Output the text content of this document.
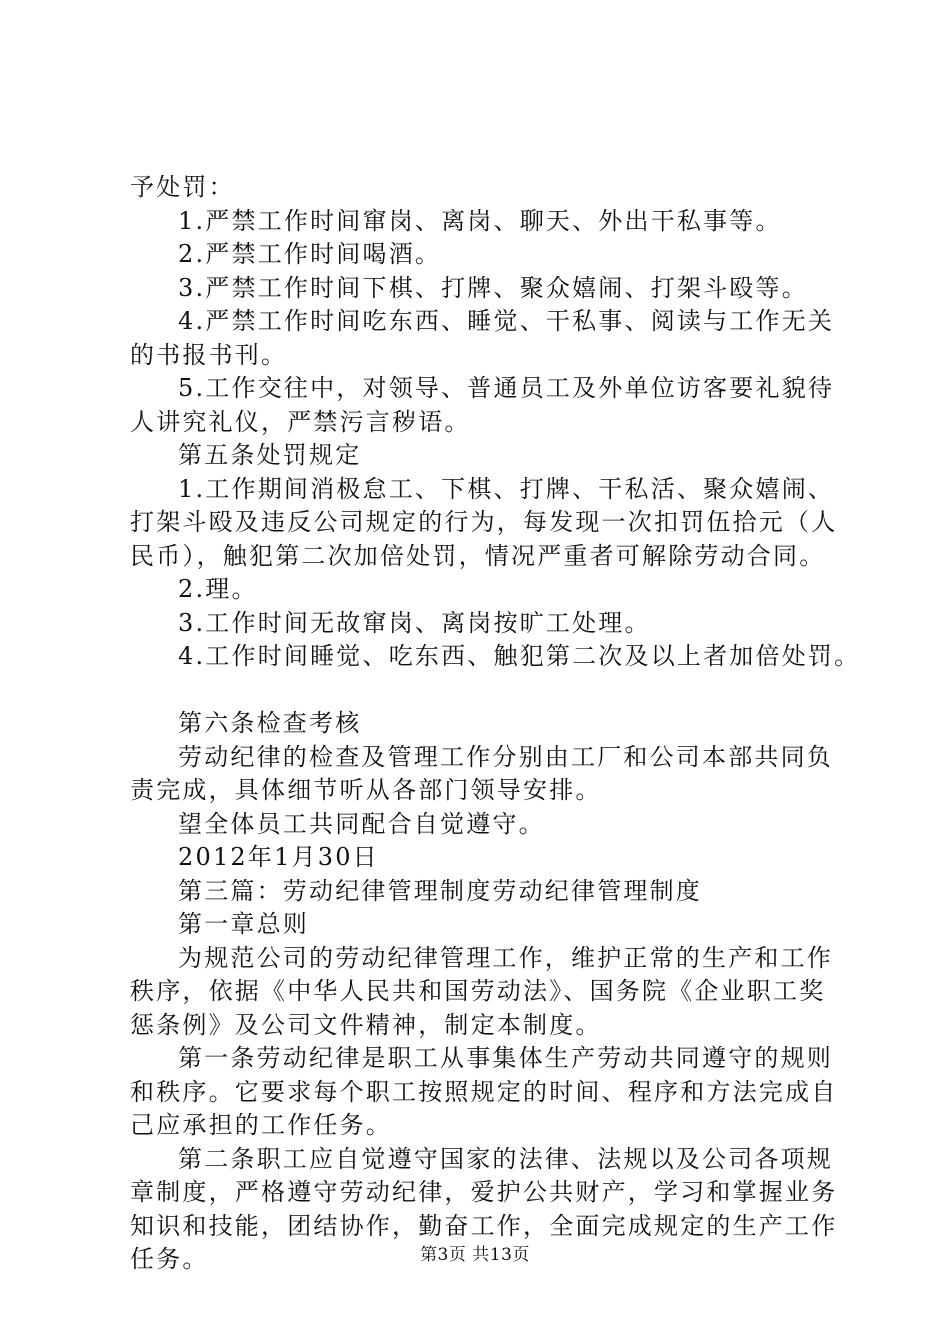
予处罚：
1.严禁工作时间窜岗、离岗、聊天、外出干私事等。
2.严禁工作时间喝酒。
3.严禁工作时间下棋、打牌、聚众嬉闹、打架斗殴等。
4.严禁工作时间吃东西、睡觉、干私事、阅读与工作无关
的书报书刊。
5.工作交往中，对领导、普通员工及外单位访客要礼貌待
人讲究礼仪，严禁污言秽语。
第五条处罚规定
1.工作期间消极怠工、下棋、打牌、干私活、聚众嬉闹、
打架斗殴及违反公司规定的行为，每发现一次扣罚伍拾元（人
民币），触犯第二次加倍处罚，情况严重者可解除劳动合同。
2.理。
3.工作时间无故窜岗、离岗按旷工处理。
4.工作时间睡觉、吃东西、触犯第二次及以上者加倍处罚。
第六条检查考核
劳动纪律的检查及管理工作分别由工厂和公司本部共同负
责完成，具体细节听从各部门领导安排。
望全体员工共同配合自觉遵守。
2012年1月30日
第三篇：劳动纪律管理制度劳动纪律管理制度
第一章总则
为规范公司的劳动纪律管理工作，维护正常的生产和工作
秩序，依据《中华人民共和国劳动法》、国务院《企业职工奖
惩条例》及公司文件精神，制定本制度。
第一条劳动纪律是职工从事集体生产劳动共同遵守的规则
和秩序。它要求每个职工按照规定的时间、程序和方法完成自
己应承担的工作任务。
第二条职工应自觉遵守国家的法律、法规以及公司各项规
章制度，严格遵守劳动纪律，爱护公共财产，学习和掌握业务
知识和技能，团结协作，勤奋工作，全面完成规定的生产工作
任务。	第3页 共13页
